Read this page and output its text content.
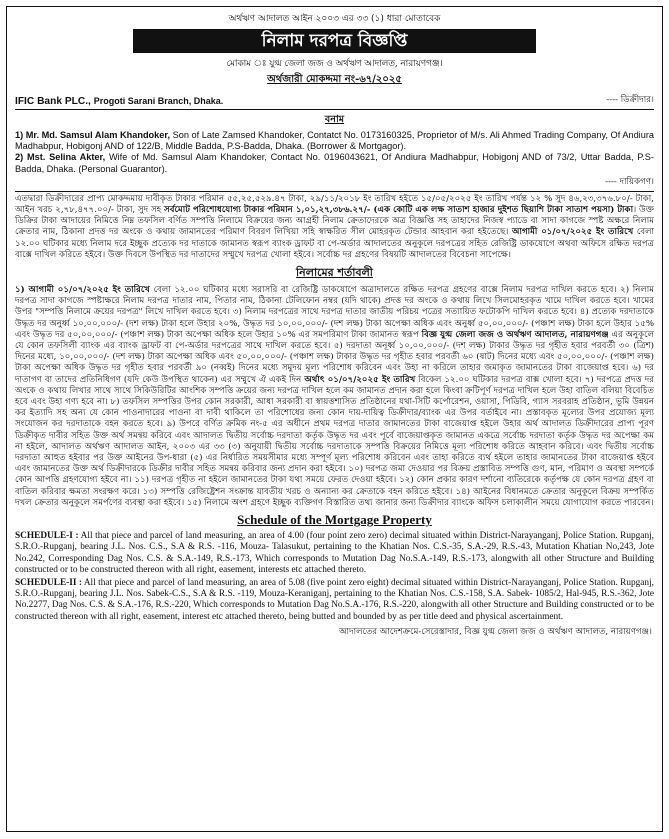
অর্থঋণ আদালত আইন ২০০৩ এর ৩৩ (১) ধারা মোতাবেক

নিলাম দরপত্র বিজ্ঞপ্তি

মোকাম ঃ যুগ্ম জেলা জজ ও অর্থঋণ আদালত, নারায়ণগঞ্জ।

অর্থজারী মোকদ্দমা নং-৬৭/২০২৫

IFIC Bank PLC., Progoti Sarani Branch, Dhaka.	---- ডিক্রীদার।

বনাম

1) Mr. Md. Samsul Alam Khandoker, Son of Late Zamsed Khandoker, Contatct No. 0173160325, Proprietor of M/s. Ali Ahmed Trading Company, Of Andiura Madhabpur, Hobigonj AND of 122/B, Middle Badda, P.S-Badda, Dhaka. (Borrower & Mortgagor).

2) Mst. Selina Akter, Wife of Md. Samsul Alam Khandoker, Contact No. 0196043621, Of Andiura Madhabpur, Hobigonj AND of 73/2, Uttar Badda, P.S-Badda, Dhaka. (Personal Guarantor).

---- দায়িকগণ।

এতদ্বারা ডিক্রীদারের প্রাপ্য মোকদ্দমায় দাবীকৃত টাকার পরিমান ৫৫,২৫,৫২৯.৪৭ টাকা, ২৯/১১/২০১৮ ইং তারিখ হইতে ১৫/০৫/২০২৫ ইং তারিখ পর্যন্ত ১২ % সুদ ৪৬,২৩,৩৭৬.৮০/- টাকা, আইন খরচ ২,৭৮,৪৭৭.০০/- টাকা, সুদ সহ সর্বমোট পরিশোধযোগ্য টাকার পরিমান ১,০১,২৭,৩৮৬.২৭/- (এক কোটি এক লক্ষ সাতাশ হাজার দুইশত ছিয়াশি টাকা সাতাশ পয়সা) টাকা। উক্ত ডিক্রির টাকা আদায়ের নিমিত্তে নিম্ন তফসিল বর্ণিত সম্পত্তি নিলামে বিক্রয়ের জন্য আগ্রহী নিলাম ক্রেতাদেরকে অত্র বিজ্ঞপ্তি সহ তাহাদের নিজস্ব প্যাডে বা সাদা কাগজে স্পষ্ট অক্ষরে নিলাম ক্রেতার নাম, ঠিকানা প্রদত্ত দর অংকে ও কথায় জামানতের পরিমাণ বিবরণ লিখিয়া সহি স্বাক্ষরিত সীল মোহরকৃত টেন্ডার আহবান করা হইতেছে। আগামী ০১/০৭/২০২৫ ইং তারিখে বেলা ১২.০০ ঘটিকার মধ্যে নিলাম দরে ইচ্ছুক প্রত্যেক দর দাতাকে জামানত স্বরূপ ব্যাংক ড্রাফট বা পে-অর্ডার আদালতের অনুকূলে দরপত্রের সহিত রেজিষ্ট্রি ডাকযোগে অথবা অফিসে রক্ষিত দরপত্র বাক্সে দাখিল করিতে হইবে। উক্ত দিবসে উপস্থিত দর দাতাদের সম্মুখে দরপত্র খোলা হইবে। সর্বোচ্চ দর গ্রহণের বিষয়টি আদালতের বিবেচনা সাপেক্ষে।

নিলামের শর্তাবলী

১) আগামী ০১/০৭/২০২৫ ইং তারিখে বেলা ১২.০০ ঘটিকার মধ্যে সরাসরি বা রেজিষ্ট্রি ডাকযোগে অত্রাদালতে রক্ষিত দরপত্র গ্রহণের বাক্সে নিলাম দরপত্র দাখিল করতে হবে। ২) নিলাম দরপত্র সাদা কাগজে স্পষ্টাক্ষরে নিলাম দরপত্র দাতার নাম, পিতার নাম, ঠিকানা টেলিফোন নম্বর (যদি থাকে) প্রদত্ত দর অংকে ও কথায় লিখে সিলমোহরকৃত খামে দাখিল করতে হবে। খামের উপর "সম্পত্তি নিলামে ক্রয়ের দরপত্র" লিখে দাখিল করতে হবে। ৩) নিলাম দরপত্রের সাথে দরপত্র দাতার জাতীয় পরিচয় পত্রের সত্যায়িত ফটোকপি দাখিল করতে হবে। ৪) প্রত্যেক দরদাতাকে উদ্ধৃত দর অনুর্ধ্ব ১০,০০,০০০/- (দশ লক্ষ) টাকা হলে উহার ২০%, উদ্ধৃত দর ১০,০০,০০০/- (দশ লক্ষ) টাকা অপেক্ষা অধিক এবং অনুর্ধ্ব ৫০,০০,০০০/- (পঞ্চাশ লক্ষ) টাকা হলে উহার ১৫% এবং উদ্ধৃত দর ৫০,০০,০০০/- (পঞ্চাশ লক্ষ) টাকা অপেক্ষা অধিক হলে উহার ১০% এর সমপরিমাণ টাকা জামানত স্বরূপ বিজ্ঞ যুগ্ম জেলা জজ ও অর্থঋণ আদালত, নারায়ণগঞ্জ এর অনুকূলে যে কোন তফসিলী ব্যাংক এর ব্যাংক ড্রাফট বা পে-অর্ডার দরপত্রের সাথে দাখিল করতে হবে। ৫) দরদাতা অনূর্ধ্ব ১০,০০,০০০/- (দশ লক্ষ) টাকার উদ্ধৃত দর গৃহীত হবার পরবর্তী ৩০ (ত্রিশ) দিনের মধ্যে, ১০,০০,০০০/- (দশ লক্ষ) টাকা অপেক্ষা অধিক এবং ৫০,০০,০০০/- (পঞ্চাশ লক্ষ) টাকার উদ্ধৃত দর গৃহীত হবার পরবর্তী ৬০ (ষাট) দিনের মধ্যে এবং ৫০,০০,০০০/- (পঞ্চাশ লক্ষ) টাকা অপেক্ষা অধিক উদ্ধৃত দর গৃহীত হবার পরবর্তী ৯০ (নব্বই) দিনের মধ্যে সমুদয় মূল্য পরিশোধ করিবেন এবং উহা না করিলে তাহার জমাকৃত জামানতের টাকা বাজেয়াপ্ত হবে। ৬) দর দাতাগণ বা তাদের প্রতিনিধিগণ (যদি কেউ উপস্থিত থাকেন) এর সম্মুখে ঐ একই দিন অর্থাৎ ০১/০৭/২০২৫ ইং তারিখ বিকেল ১২.০০ ঘটিকার দরপত্র বাক্স খোলা হবে। ৭) দরপত্রে প্রদত্ত দর অংকে ও কথায় লিখার সাথে সাথে সিকিউরিটির আংশিক সম্পত্তি ক্রয়ের জন্য দরপত্র দাখিল হলে কম জামানত প্রদান করা হলে কিংবা ক্রটিপূর্ণ দরপত্র দাখিল হলে উহা বাতিল বলিয়া বিবেচিত হবে এবং উহা গণ্য হবে না। ৮) তফসিল সম্পত্তির উপর কোন সরকারী, আধা সরকারী বা স্বায়ত্তশাসিত প্রতিষ্ঠানের যথা-সিটি কর্পোরেশন, ওয়াসা, পিডিবি, গ্যাস সরবরাহ প্রতিষ্ঠান, ভূমি উন্নয়ন কর ইত্যাদি সহ অন্য যে কোন পাওনাদারের পাওনা বা দাবী থাকিলে তা পরিশোধের জন্য কোন দায়-দায়িত্ব ডিক্রীদার/ব্যাংক এর উপর বর্তাইবে না। প্রস্তাবকৃত মূল্যের উপর প্রযোজ্য মূল্য সংযোজন কর দরদাতাকে বহন করতে হবে। ৯) উপরে বর্ণিত ক্রমিক নং-৫ এর অধীনে প্রথম দরপত্র দাতার জামানতের টাকা বাজেয়াপ্ত হইলে উহার অর্থ আদালত ডিক্রীদারের প্রাপ্য পূরণ ডিক্রীকৃত দাবীর সহিত উক্ত অর্থ সমন্বয় করিবে এবং আদালত দ্বিতীয় সর্বোচ্চ দরদাতা কর্তৃক উদ্ধৃত দর এবং পূর্বে বাজেয়াপ্তকৃত জামানত একত্রে সর্বোচ্চ দরদাতা কর্তৃক উদ্ধৃত দর অপেক্ষা কম না হইলে, আদালত অর্থঋণ আদালত আইন, ২০০৩ এর ৩৩ (৩) অনুযায়ী দ্বিতীয় সর্বোচ্চ দরদাতাকে সম্পত্তি বিক্রয়ের নিমিত্তে মূল্য পরিশোধ করিতে আহবান করিবে। এবং দ্বিতীয় সর্বোচ্চ দরদাতা আহুত হইবার পর উক্ত আইনের উপ-ধারা (৫) এর নির্ধারিত সময়সীমার মধ্যে সম্পূর্ণ মূল্য পরিশোধ করিবেন এবং তাহা করিতে ব্যর্থ হইলে তাহার জামানতের টাকা বাজেয়াপ্ত হইবে এবং জামানতের উক্ত অর্থ ডিক্রীদারকে ডিক্রীর দাবীর সহিত সমন্বয় করিবার জন্য প্রদান করা হইবে। ১০) দরপত্র জমা দেওয়ার পর বিক্রয় প্রস্তাবিত সম্পত্তি গুণ, মান, পরিমাণ ও অবস্থা সম্পর্কে কোন আপত্তি গ্রহণযোগ্য হইবে না। ১১) দরপত্র গৃহীত না হইলে জামানতের টাকা যথা সময়ে ফেরত দেওয়া হইবে। ১২) কোন প্রকার কারণ দর্শানো ব্যতিরেকে কর্তৃপক্ষ যে কোন দরপত্র গ্রহণ বা বাতিল করিবার ক্ষমতা সংরক্ষণ করে। ১৩) সম্পত্তি রেজিষ্ট্রেশন সংক্রান্ত যাবতীয় খরচ ও অন্যান্য কর ক্রেতাকে বহন করিতে হইবে। ১৪) আইনের বিধানমতে ক্রেতার অনুকূলে বিক্রয় সম্পর্কিত দখল ক্রেতার অনুকূলে সমর্পণের ব্যবস্থা করা হইবে। ১৫) নিলামে অংশ গ্রহণে ইচ্ছুক ব্যক্তিগণ বিস্তারিত তথ্য জানার জন্য ডিক্রীদার ব্যাংকে অফিস চলাকালীন সময়ে যোগাযোগ করতে পারবেন।

Schedule of the Mortgage Property

SCHEDULE-I : All that piece and parcel of land measuring, an area of 4.00 (four point zero zero) decimal situated within District-Narayanganj, Police Station. Rupganj, S.R.O.-Rupganj, bearing J.L. Nos. C.S., S.A & R.S. -116, Mouza- Talasukut, pertaining to the Khatian Nos. C.S.-35, S.A.-29, R.S.-43, Mutation Khatian No,243, Jote No.242, Corresponding Dag Nos. C.S. & S.A.-149, R.S.-173, Which corresponds to Mutation Dag No.S.A.-149, R.S.-173, alongwith all other Structure and Building constructed or to be constructed thereon with all right, easement, interests etc attached thereto.

SCHEDULE-II : All that piece and parcel of land measuring, an area of 5.08 (five point zero eight) decimal situated within District-Narayanganj, Police Station. Rupganj, S.R.O.-Rupganj, bearing J.L. Nos. Sabek-C.S., S.A & R.S. -119, Mouza-Keraniganj, pertaining to the Khatian Nos. C.S.-158, S.A. Sabek- 1085/2, Hal-945, R.S.-362, Jote No.2277, Dag Nos. C.S. & S.A.-176, R.S.-220, Which corresponds to Mutation Dag No.S.A.-176, R.S.-220, alongwith all other Structure and Building constructed or to be constructed thereon with all right, easement, interest etc attached thereto, being butted and bounded by as per title deed and physical ascertainment.

আদালতের আদেশক্রমে-সেরেস্তাদার, বিজ্ঞ যুগ্ম জেলা জজ ও অর্থঋণ আদালত, নারায়ণগঞ্জ।
